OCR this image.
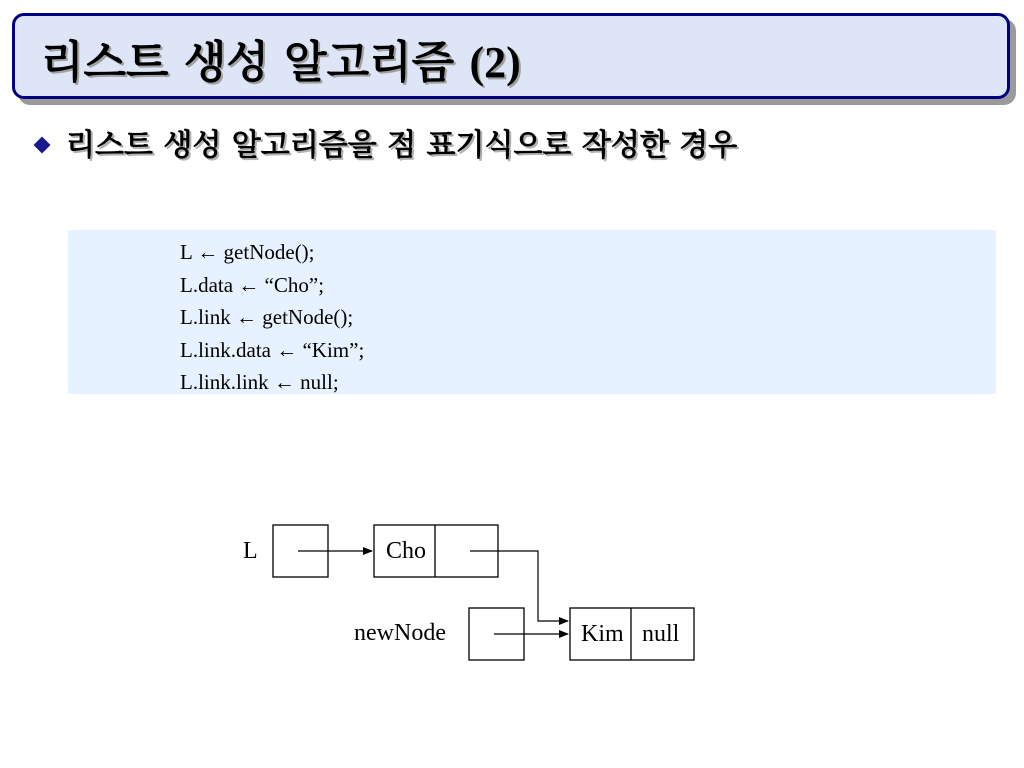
리스트 생성 알고리즘 (2)
리스트 생성 알고리즘을 점 표기식으로 작성한 경우
L ← getNode();
L.data ← “Cho”;
L.link ← getNode();
L.link.data ← “Kim”;
L.link.link ← null;
L	Cho
newNode	Kim null
